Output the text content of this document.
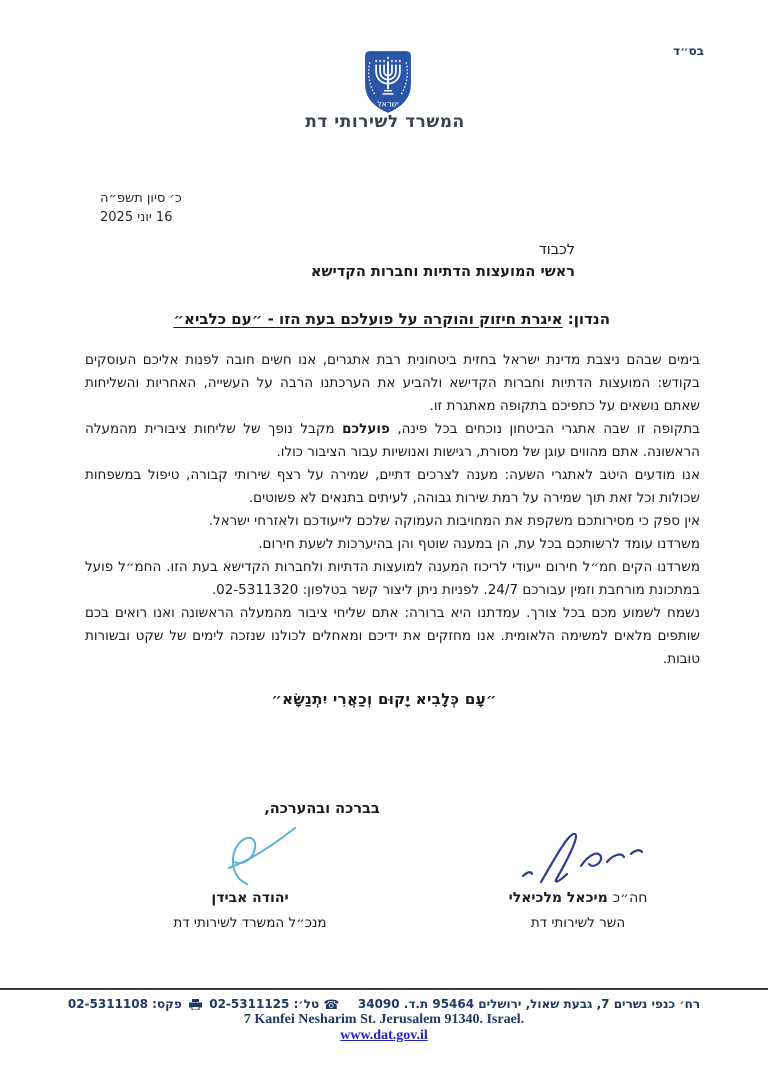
בס״ד
ישראל
המשרד לשירותי דת
כ׳ סיון תשפ״ה
16 יוני 2025
לכבוד
ראשי המועצות הדתיות וחברות הקדישא
הנדון: איגרת חיזוק והוקרה על פועלכם בעת הזו - ״עם כלביא״

בימים שבהם ניצבת מדינת ישראל בחזית ביטחונית רבת אתגרים, אנו חשים חובה לפנות אליכם העוסקים בקודש: המועצות הדתיות וחברות הקדישא ולהביע את הערכתנו הרבה על העשייה, האחריות והשליחות שאתם נושאים על כתפיכם בתקופה מאתגרת זו.

בתקופה זו שבה אתגרי הביטחון נוכחים בכל פינה, פועלכם מקבל נופך של שליחות ציבורית מהמעלה הראשונה. אתם מהווים עוגן של מסורת, רגישות ואנושיות עבור הציבור כולו.

אנו מודעים היטב לאתגרי השעה: מענה לצרכים דתיים, שמירה על רצף שירותי קבורה, טיפול במשפחות שכולות וכל זאת תוך שמירה על רמת שירות גבוהה, לעיתים בתנאים לא פשוטים.

אין ספק כי מסירותכם משקפת את המחויבות העמוקה שלכם לייעודכם ולאזרחי ישראל.

משרדנו עומד לרשותכם בכל עת, הן במענה שוטף והן בהיערכות לשעת חירום.

משרדנו הקים חמ״ל חירום ייעודי לריכוז המענה למועצות הדתיות ולחברות הקדישא בעת הזו. החמ״ל פועל במתכונת מורחבת וזמין עבורכם 24/7. לפניות ניתן ליצור קשר בטלפון: 02-5311320.

נשמח לשמוע מכם בכל צורך. עמדתנו היא ברורה: אתם שליחי ציבור מהמעלה הראשונה ואנו רואים בכם שותפים מלאים למשימה הלאומית. אנו מחזקים את ידיכם ומאחלים לכולנו שנזכה לימים של שקט ובשורות טובות.

״עָם כְּלָבִיא יָקוּם וְכַאֲרִי יִתְנַשָּׂא״
בברכה ובהערכה,
חה״כ מיכאל מלכיאלי
השר לשירותי דת
יהודה אבידן
מנכ״ל המשרד לשירותי דת
רח׳ כנפי נשרים 7, גבעת שאול, ירושלים 95464 ת.ד. 34090  ☎ טל׳: 02-5311125  פקס: 02-5311108
7 Kanfei Nesharim St. Jerusalem 91340. Israel.
www.dat.gov.il
